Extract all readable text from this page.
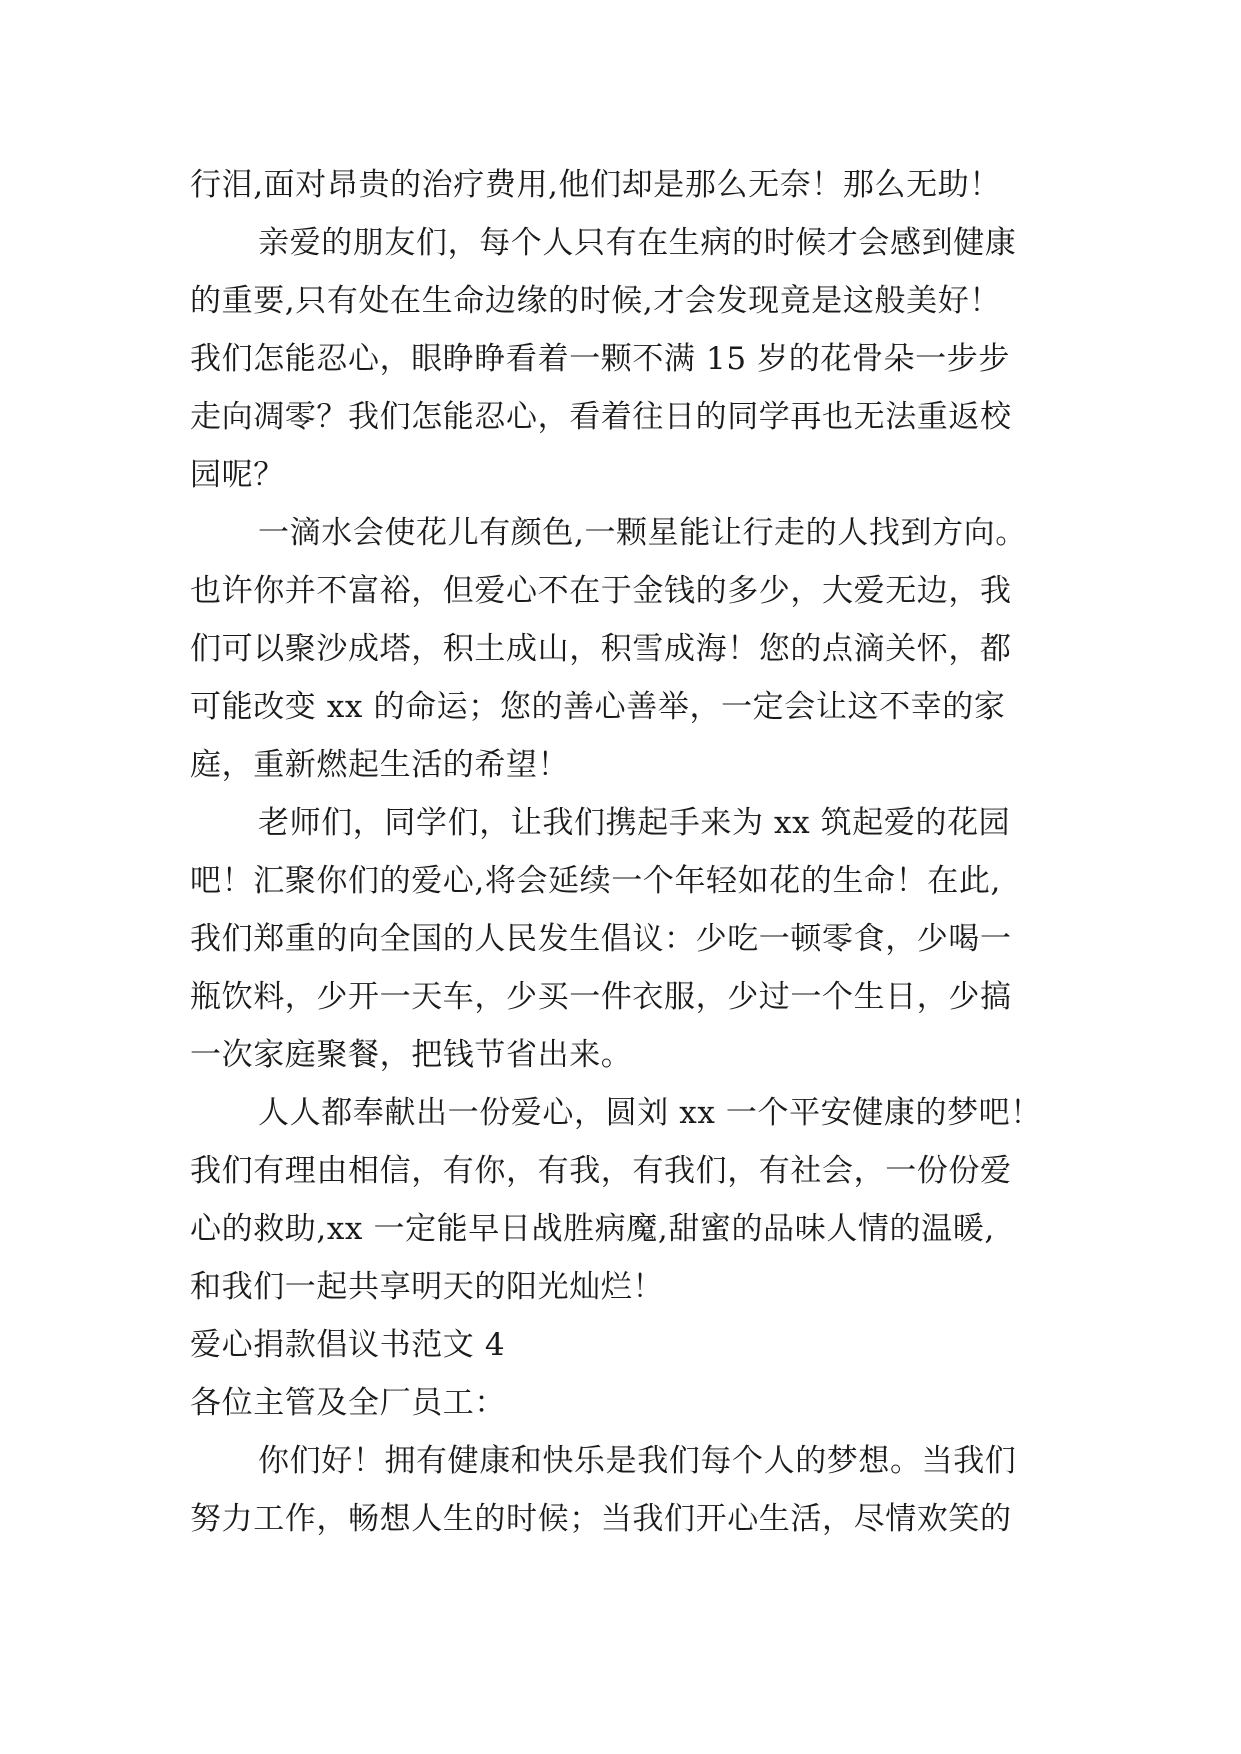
行泪,面对昂贵的治疗费用,他们却是那么无奈！那么无助！

亲爱的朋友们，每个人只有在生病的时候才会感到健康

的重要,只有处在生命边缘的时候,才会发现竟是这般美好！

我们怎能忍心，眼睁睁看着一颗不满 15 岁的花骨朵一步步

走向凋零？我们怎能忍心，看着往日的同学再也无法重返校

园呢？

一滴水会使花儿有颜色,一颗星能让行走的人找到方向。

也许你并不富裕，但爱心不在于金钱的多少，大爱无边，我

们可以聚沙成塔，积土成山，积雪成海！您的点滴关怀，都

可能改变 xx 的命运；您的善心善举，一定会让这不幸的家

庭，重新燃起生活的希望！

老师们，同学们，让我们携起手来为 xx 筑起爱的花园

吧！汇聚你们的爱心,将会延续一个年轻如花的生命！在此,

我们郑重的向全国的人民发生倡议：少吃一顿零食，少喝一

瓶饮料，少开一天车，少买一件衣服，少过一个生日，少搞

一次家庭聚餐，把钱节省出来。

人人都奉献出一份爱心，圆刘 xx 一个平安健康的梦吧！

我们有理由相信，有你，有我，有我们，有社会，一份份爱

心的救助,xx 一定能早日战胜病魔,甜蜜的品味人情的温暖,

和我们一起共享明天的阳光灿烂！

爱心捐款倡议书范文 4

各位主管及全厂员工：

你们好！拥有健康和快乐是我们每个人的梦想。当我们

努力工作，畅想人生的时候；当我们开心生活，尽情欢笑的
